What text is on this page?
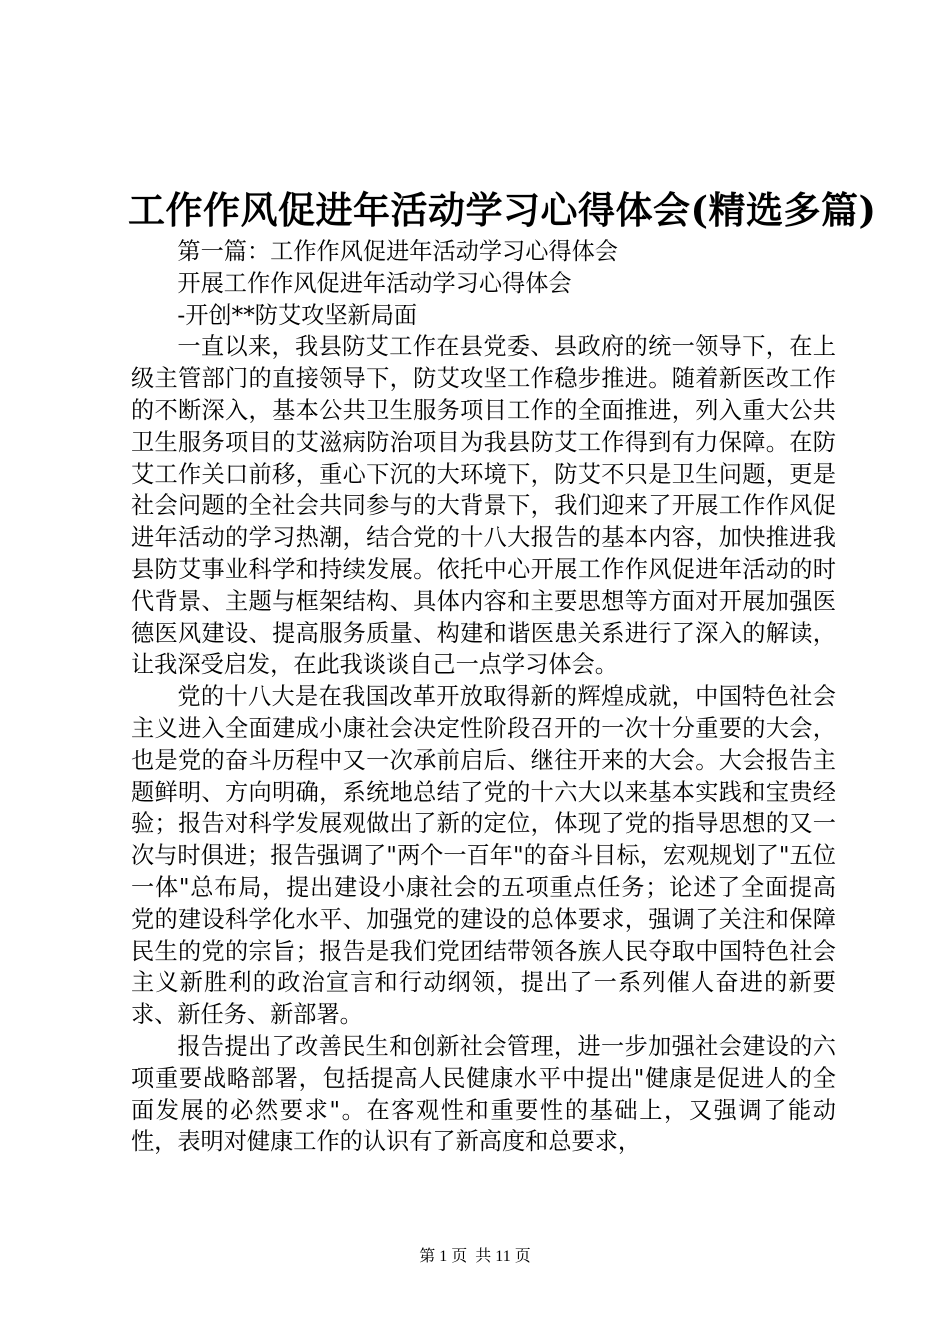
工作作风促进年活动学习心得体会(精选多篇)

第一篇：工作作风促进年活动学习心得体会

开展工作作风促进年活动学习心得体会

-开创**防艾攻坚新局面

一直以来，我县防艾工作在县党委、县政府的统一领导下，在上级主管部门的直接领导下，防艾攻坚工作稳步推进。随着新医改工作的不断深入，基本公共卫生服务项目工作的全面推进，列入重大公共卫生服务项目的艾滋病防治项目为我县防艾工作得到有力保障。在防艾工作关口前移，重心下沉的大环境下，防艾不只是卫生问题，更是社会问题的全社会共同参与的大背景下，我们迎来了开展工作作风促进年活动的学习热潮，结合党的十八大报告的基本内容，加快推进我县防艾事业科学和持续发展。依托中心开展工作作风促进年活动的时代背景、主题与框架结构、具体内容和主要思想等方面对开展加强医德医风建设、提高服务质量、构建和谐医患关系进行了深入的解读，让我深受启发，在此我谈谈自己一点学习体会。

党的十八大是在我国改革开放取得新的辉煌成就，中国特色社会主义进入全面建成小康社会决定性阶段召开的一次十分重要的大会，也是党的奋斗历程中又一次承前启后、继往开来的大会。大会报告主题鲜明、方向明确，系统地总结了党的十六大以来基本实践和宝贵经验；报告对科学发展观做出了新的定位，体现了党的指导思想的又一次与时俱进；报告强调了"两个一百年"的奋斗目标，宏观规划了"五位一体"总布局，提出建设小康社会的五项重点任务；论述了全面提高党的建设科学化水平、加强党的建设的总体要求，强调了关注和保障民生的党的宗旨；报告是我们党团结带领各族人民夺取中国特色社会主义新胜利的政治宣言和行动纲领，提出了一系列催人奋进的新要求、新任务、新部署。

报告提出了改善民生和创新社会管理，进一步加强社会建设的六项重要战略部署，包括提高人民健康水平中提出"健康是促进人的全面发展的必然要求"。在客观性和重要性的基础上，又强调了能动性，表明对健康工作的认识有了新高度和总要求，

第 1 页 共 11 页
